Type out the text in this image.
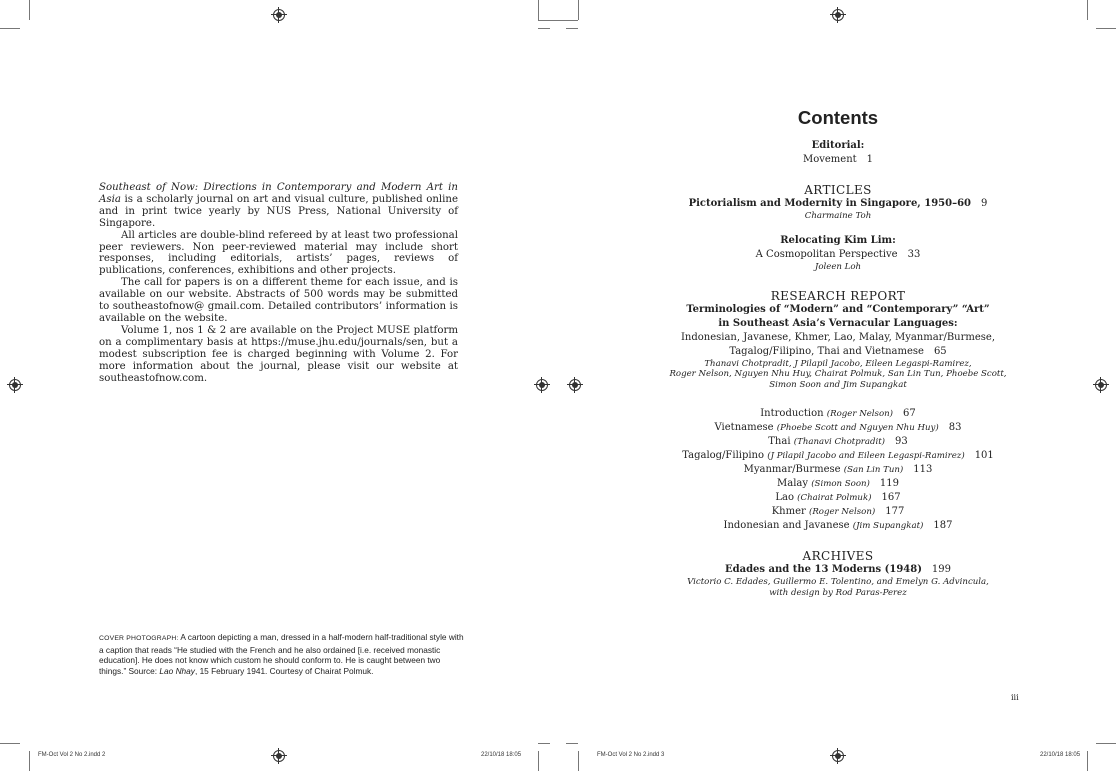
FM-Oct Vol 2 No 2.indd 2	22/10/18 18:05	FM-Oct Vol 2 No 2.indd 3	22/10/18 18:05

Southeast of Now: Directions in Contemporary and Modern Art in Asia is a scholarly journal on art and visual culture, published online and in print twice yearly by NUS Press, National University of Singapore.

All articles are double-blind refereed by at least two professional peer reviewers. Non peer-reviewed material may include short responses, including editorials, artists’ pages, reviews of publications, conferences, exhibitions and other projects.

The call for papers is on a different theme for each issue, and is available on our website. Abstracts of 500 words may be submitted to southeastofnow@ gmail.com. Detailed contributors’ information is available on the website.

Volume 1, nos 1 & 2 are available on the Project MUSE platform on a complimentary basis at https://muse.jhu.edu/journals/sen, but a modest subscription fee is charged beginning with Volume 2. For more information about the journal, please visit our website at southeastofnow.com.

COVER PHOTOGRAPH: A cartoon depicting a man, dressed in a half-modern half-traditional style with a caption that reads “He studied with the French and he also ordained [i.e. received monastic education]. He does not know which custom he should conform to. He is caught between two things.” Source: Lao Nhay, 15 February 1941. Courtesy of Chairat Polmuk.
Contents
Editorial:
Movement 1
ARTICLES
Pictorialism and Modernity in Singapore, 1950–60 9
Charmaine Toh
Relocating Kim Lim:
A Cosmopolitan Perspective 33
Joleen Loh
RESEARCH REPORT
Terminologies of “Modern” and “Contemporary” “Art”
in Southeast Asia’s Vernacular Languages:
Indonesian, Javanese, Khmer, Lao, Malay, Myanmar/Burmese,
Tagalog/Filipino, Thai and Vietnamese 65
Thanavi Chotpradit, J Pilapil Jacobo, Eileen Legaspi-Ramirez,
Roger Nelson, Nguyen Nhu Huy, Chairat Polmuk, San Lin Tun, Phoebe Scott,
Simon Soon and Jim Supangkat
Introduction (Roger Nelson) 67
Vietnamese (Phoebe Scott and Nguyen Nhu Huy) 83
Thai (Thanavi Chotpradit) 93
Tagalog/Filipino (J Pilapil Jacobo and Eileen Legaspi-Ramirez) 101
Myanmar/Burmese (San Lin Tun) 113
Malay (Simon Soon) 119
Lao (Chairat Polmuk) 167
Khmer (Roger Nelson) 177
Indonesian and Javanese (Jim Supangkat) 187
ARCHIVES
Edades and the 13 Moderns (1948) 199
Victorio C. Edades, Guillermo E. Tolentino, and Emelyn G. Advincula,
with design by Rod Paras-Perez
iii
